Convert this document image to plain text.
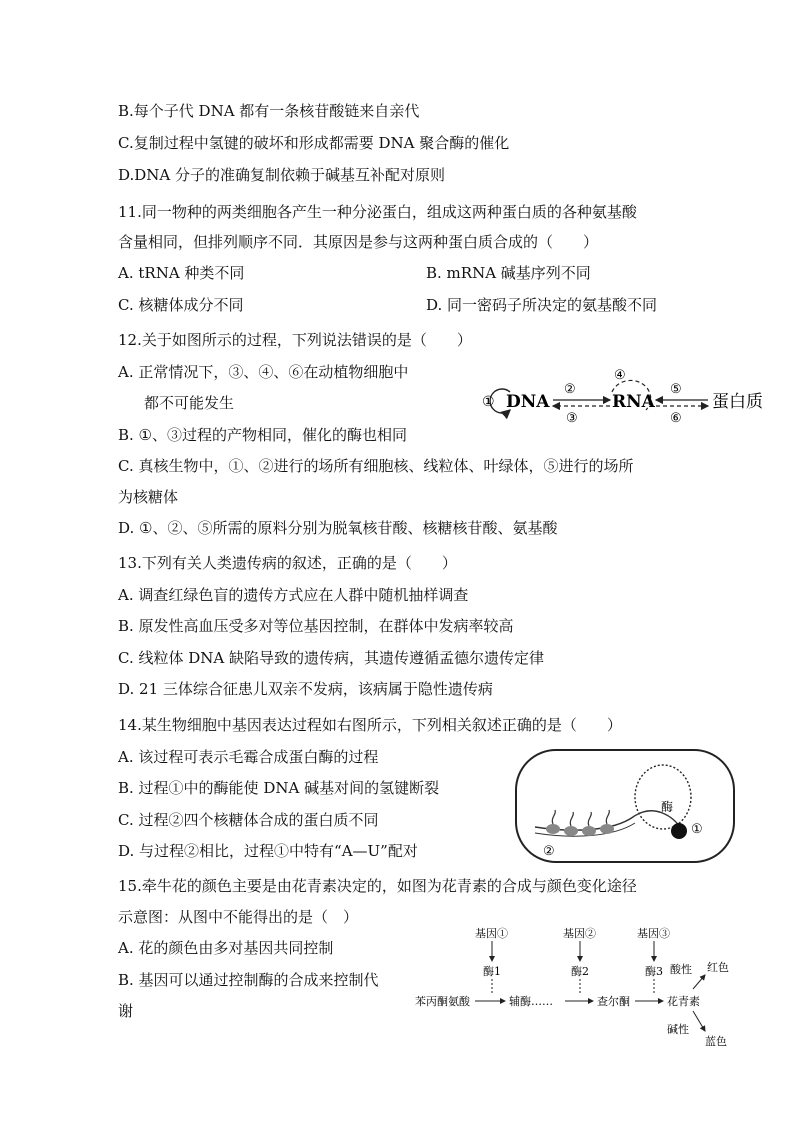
B.每个子代 DNA 都有一条核苷酸链来自亲代
C.复制过程中氢键的破坏和形成都需要 DNA 聚合酶的催化
D.DNA 分子的准确复制依赖于碱基互补配对原则
11.同一物种的两类细胞各产生一种分泌蛋白，组成这两种蛋白质的各种氨基酸
含量相同，但排列顺序不同．其原因是参与这两种蛋白质合成的（　　）
A. tRNA 种类不同	B. mRNA 碱基序列不同
C. 核糖体成分不同	D. 同一密码子所决定的氨基酸不同
12.关于如图所示的过程，下列说法错误的是（　　）
A. 正常情况下，③、④、⑥在动植物细胞中
都不可能发生
B. ①、③过程的产物相同，催化的酶也相同
C. 真核生物中，①、②进行的场所有细胞核、线粒体、叶绿体，⑤进行的场所
为核糖体
D. ①、②、⑤所需的原料分别为脱氧核苷酸、核糖核苷酸、氨基酸
① DNA
②
③
④
RNA
⑤
⑥
蛋白质
13.下列有关人类遗传病的叙述，正确的是（　　）
A. 调查红绿色盲的遗传方式应在人群中随机抽样调查
B. 原发性高血压受多对等位基因控制，在群体中发病率较高
C. 线粒体 DNA 缺陷导致的遗传病，其遗传遵循孟德尔遗传定律
D. 21 三体综合征患儿双亲不发病，该病属于隐性遗传病
14.某生物细胞中基因表达过程如右图所示，下列相关叙述正确的是（　　）
A. 该过程可表示毛霉合成蛋白酶的过程
B. 过程①中的酶能使 DNA 碱基对间的氢键断裂
C. 过程②四个核糖体合成的蛋白质不同
D. 与过程②相比，过程①中特有“A—U”配对
酶
①
②
15.牵牛花的颜色主要是由花青素决定的，如图为花青素的合成与颜色变化途径
示意图：从图中不能得出的是（　）
A. 花的颜色由多对基因共同控制
B. 基因可以通过控制酶的合成来控制代
谢
基因①	基因②	基因③
酶1	酶2	酶3
苯丙酮氨酸	辅酶……	查尔酮	花青素
酸性 红色
碱性
蓝色
